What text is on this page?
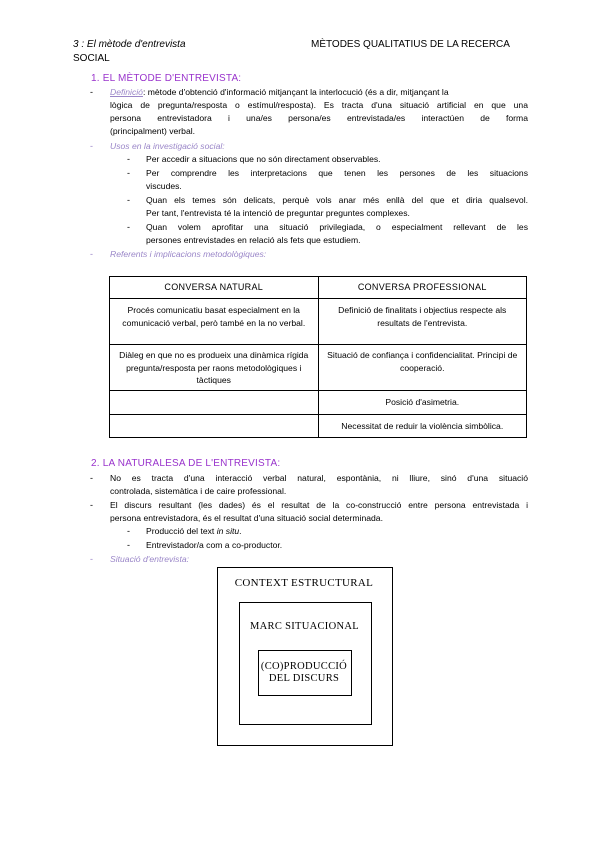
3 : El mètode d'entrevista	MÈTODES QUALITATIUS DE LA RECERCA
SOCIAL
1. EL MÈTODE D'ENTREVISTA:
- Definició: mètode d'obtenció d'informació mitjançant la interlocució (és a dir, mitjançant la
lògica de pregunta/resposta o estímul/resposta). Es tracta d'una situació artificial en que una
persona entrevistadora i una/es persona/es entrevistada/es interactúen de forma
(principalment) verbal.
- Usos en la investigació social:
- Per accedir a situacions que no són directament observables.
- Per comprendre les interpretacions que tenen les persones de les situacions
viscudes.
- Quan els temes són delicats, perquè vols anar més enllà del que et diria qualsevol.
Per tant, l'entrevista té la intenció de preguntar preguntes complexes.
- Quan volem aprofitar una situació privilegiada, o especialment rellevant de les
persones entrevistades en relació als fets que estudiem.
- Referents i implicacions metodològiques:
CONVERSA NATURAL	CONVERSA PROFESSIONAL
Procés comunicatiu basat especialment en la comunicació verbal, però també en la no verbal.	Definició de finalitats i objectius respecte als resultats de l'entrevista.
Diàleg en que no es produeix una dinàmica rígida pregunta/resposta per raons metodològiques i tàctiques	Situació de confiança i confidencialitat. Principi de cooperació.
	Posició d'asimetria.
	Necessitat de reduir la violència simbòlica.
2. LA NATURALESA DE L'ENTREVISTA:
- No es tracta d'una interacció verbal natural, espontània, ni lliure, sinó d'una situació
controlada, sistemàtica i de caire professional.
- El discurs resultant (les dades) és el resultat de la co-construcció entre persona entrevistada i
persona entrevistadora, és el resultat d'una situació social determinada.
- Producció del text in situ.
- Entrevistador/a com a co-productor.
- Situació d'entrevista:
CONTEXT ESTRUCTURAL
MARC SITUACIONAL
(CO)PRODUCCIÓ
DEL DISCURS
